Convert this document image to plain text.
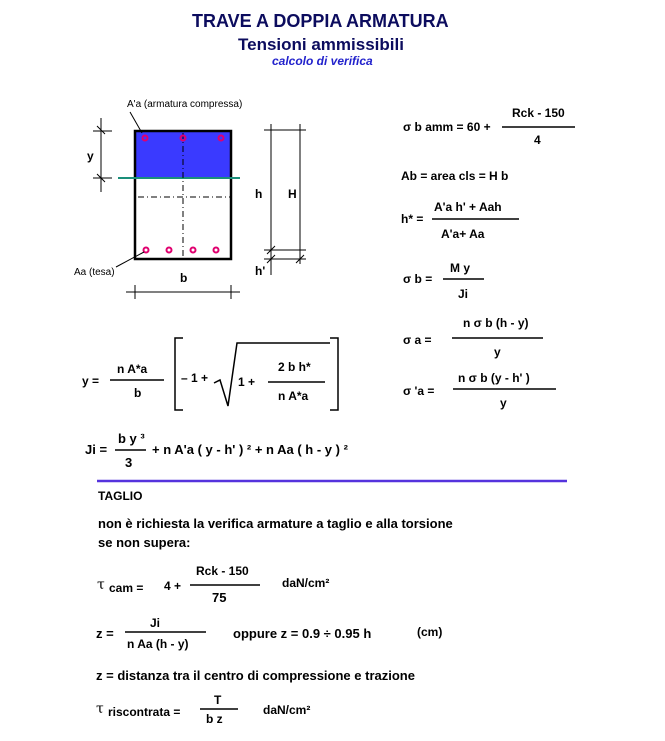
TRAVE A DOPPIA ARMATURA
Tensioni ammissibili
calcolo di verifica
A'a (armatura compressa)
Aa (tesa)
y
b
h H
h'
σ b amm = 60 +
Rck - 150
4
Ab = area cls = H b
h* =
A'a h' + Aah
A'a+ Aa
σ b =
M y
Ji
σ a =
n σ b (h - y)
y
σ 'a =
n σ b (y - h' )
y
y =
n A*a
b
– 1 + 1 +
2 b h*
n A*a
Ji =
b y ³
3
+ n A'a ( y - h' ) ² + n Aa ( h - y ) ²
TAGLIO
non è richiesta la verifica armature a taglio e alla torsione
se non supera:
τ cam = 4 +
Rck - 150
75
daN/cm²
z =
Ji
n Aa (h - y)
oppure z = 0.9 ÷ 0.95 h	(cm)
z = distanza tra il centro di compressione e trazione
τ riscontrata =
T
b z
daN/cm²
